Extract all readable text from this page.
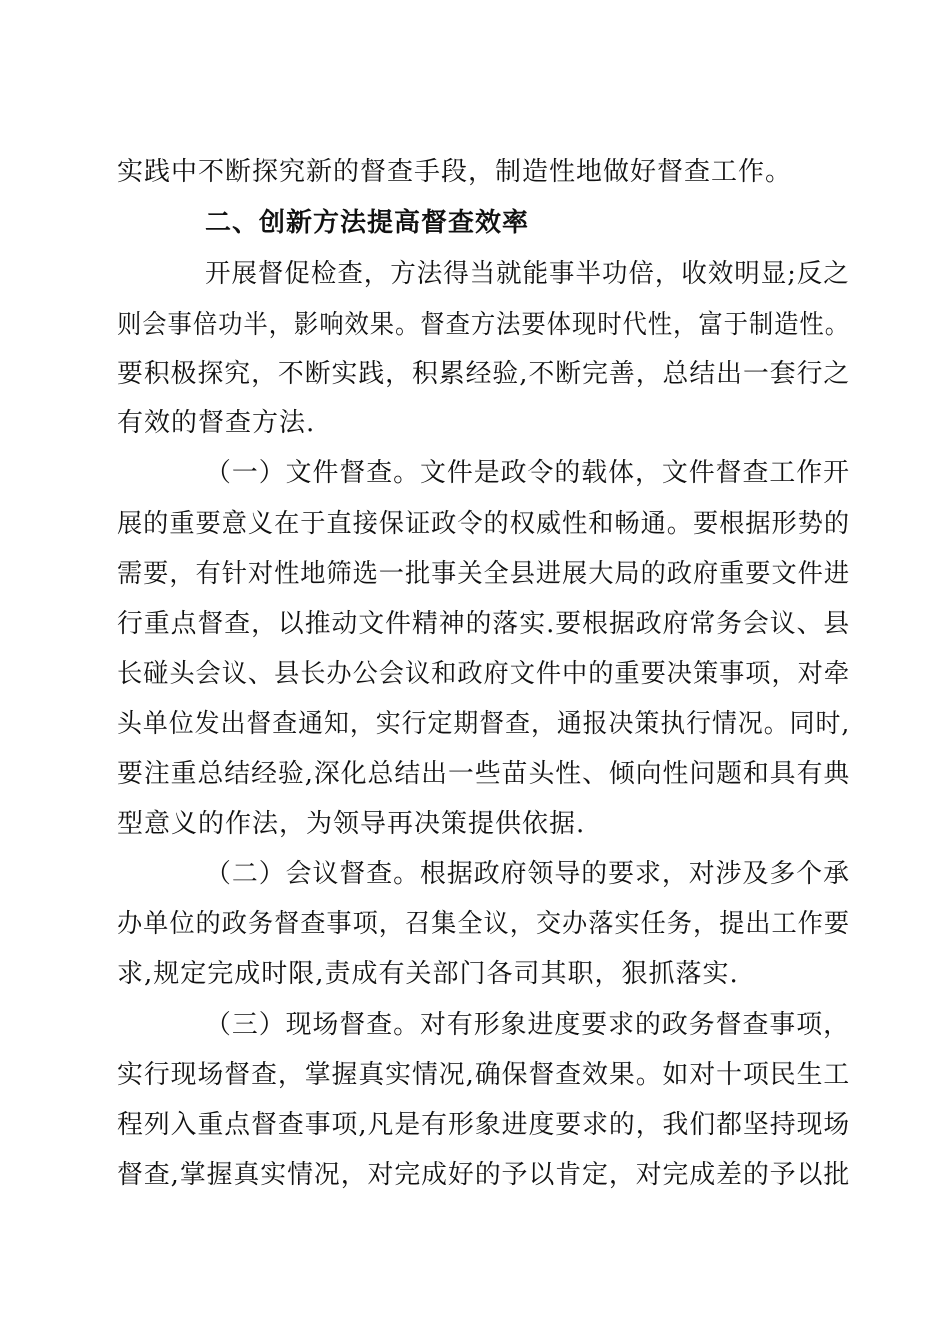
实践中不断探究新的督查手段，制造性地做好督查工作。
二、创新方法提高督查效率
开展督促检查，方法得当就能事半功倍，收效明显;反之
则会事倍功半，影响效果。督查方法要体现时代性，富于制造性。
要积极探究，不断实践，积累经验,不断完善，总结出一套行之
有效的督查方法.
（一）文件督查。文件是政令的载体，文件督查工作开
展的重要意义在于直接保证政令的权威性和畅通。要根据形势的
需要，有针对性地筛选一批事关全县进展大局的政府重要文件进
行重点督查，以推动文件精神的落实.要根据政府常务会议、县
长碰头会议、县长办公会议和政府文件中的重要决策事项，对牵
头单位发出督查通知，实行定期督查，通报决策执行情况。同时,
要注重总结经验,深化总结出一些苗头性、倾向性问题和具有典
型意义的作法，为领导再决策提供依据.
（二）会议督查。根据政府领导的要求，对涉及多个承
办单位的政务督查事项，召集全议，交办落实任务，提出工作要
求,规定完成时限,责成有关部门各司其职，狠抓落实.
（三）现场督查。对有形象进度要求的政务督查事项，
实行现场督查，掌握真实情况,确保督查效果。如对十项民生工
程列入重点督查事项,凡是有形象进度要求的，我们都坚持现场
督查,掌握真实情况，对完成好的予以肯定，对完成差的予以批
